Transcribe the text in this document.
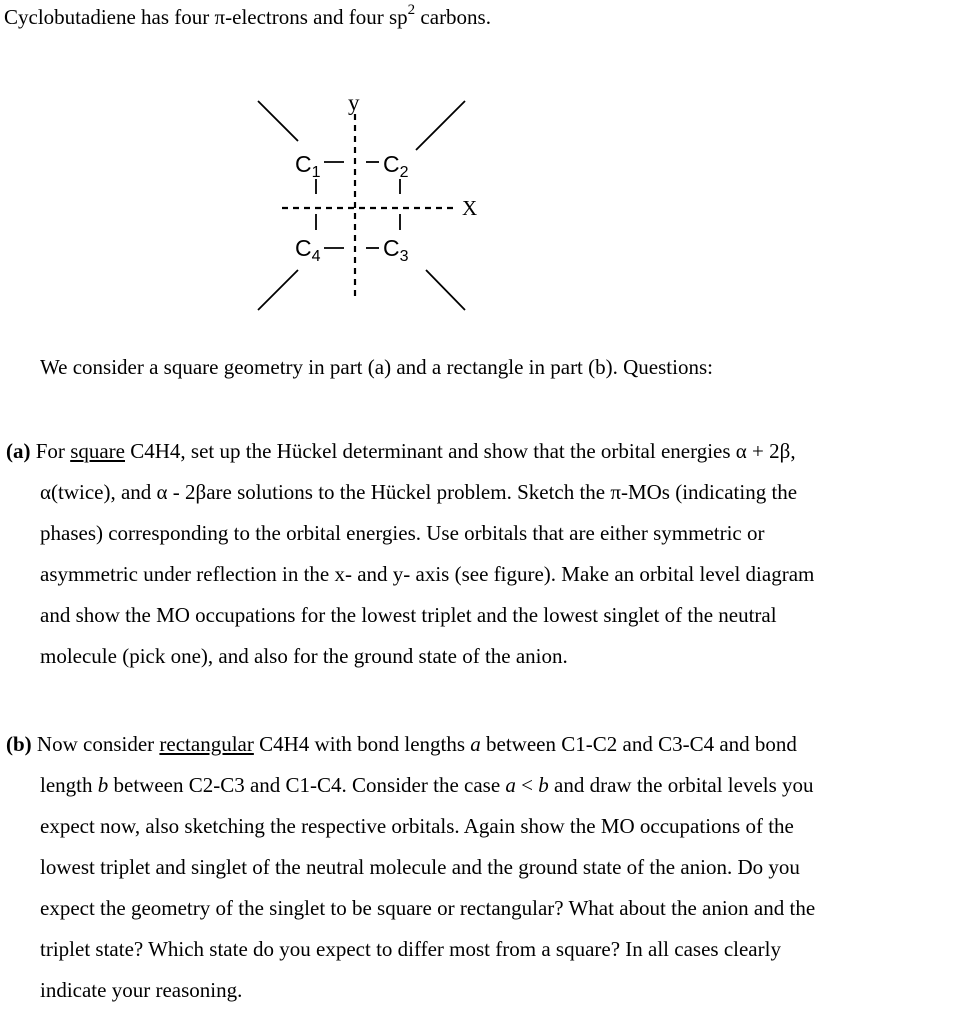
Cyclobutadiene has four π-electrons and four $sp^2$ carbons.
y
X
$C_1$	$C_2$
$C_4$	$C_3$
We consider a square geometry in part (a) and a rectangle in part (b). Questions:
(a) For square C4H4, set up the Hückel determinant and show that the orbital energies α + 2β,
α(twice), and α - 2βare solutions to the Hückel problem. Sketch the π-MOs (indicating the
phases) corresponding to the orbital energies. Use orbitals that are either symmetric or
asymmetric under reflection in the x- and y- axis (see figure). Make an orbital level diagram
and show the MO occupations for the lowest triplet and the lowest singlet of the neutral
molecule (pick one), and also for the ground state of the anion.
(b) Now consider rectangular C4H4 with bond lengths a between C1-C2 and C3-C4 and bond
length b between C2-C3 and C1-C4. Consider the case a < b and draw the orbital levels you
expect now, also sketching the respective orbitals. Again show the MO occupations of the
lowest triplet and singlet of the neutral molecule and the ground state of the anion. Do you
expect the geometry of the singlet to be square or rectangular? What about the anion and the
triplet state? Which state do you expect to differ most from a square? In all cases clearly
indicate your reasoning.
